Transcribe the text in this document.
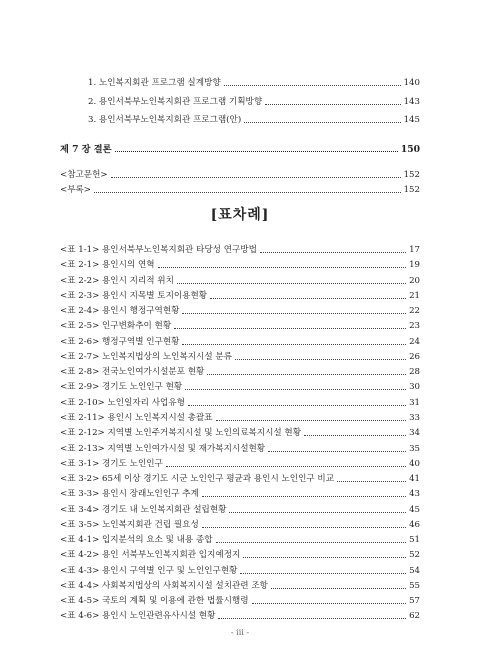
1. 노인복지회관 프로그램 실계방향	140
2. 용인서북부노인복지회관 프로그램 기획방향	143
3. 용인서북부노인복지회관 프로그램(안)	145
제 7 장 결론	150
<참고문헌>	152
<부록>	152
[표차례]
<표 1-1> 용인서북부노인복지회관 타당성 연구방법	17
<표 2-1> 용인시의 연혁	19
<표 2-2> 용인시 지리적 위치	20
<표 2-3> 용인시 지목별 토지이용현황	21
<표 2-4> 용인시 행정구역현황	22
<표 2-5> 인구변화추이 현황	23
<표 2-6> 행정구역별 인구현황	24
<표 2-7> 노인복지법상의 노인복지시설 분류	26
<표 2-8> 전국노인여가시설분포 현황	28
<표 2-9> 경기도 노인인구 현황	30
<표 2-10> 노인일자리 사업유형	31
<표 2-11> 용인시 노인복지시설 총괄표	33
<표 2-12> 지역별 노인주거복지시설 및 노인의료복지시설 현황	34
<표 2-13> 지역별 노인여가시설 및 재가복지시설현황	35
<표 3-1> 경기도 노인인구	40
<표 3-2> 65세 이상 경기도 시군 노인인구 평균과 용인시 노인인구 비교	41
<표 3-3> 용인시 장래노인인구 추계	43
<표 3-4> 경기도 내 노인복지회관 설립현황	45
<표 3-5> 노인복지회관 건립 필요성	46
<표 4-1> 입지분석의 요소 및 내용 종합	51
<표 4-2> 용인 서북부노인복지회관 입지예정지	52
<표 4-3> 용인시 구역별 인구 및 노인인구현황	54
<표 4-4> 사회복지법상의 사회복지시설 설치관련 조항	55
<표 4-5> 국토의 계획 및 이용에 관한 법률시행령	57
<표 4-6> 용인시 노인관련유사시설 현황	62
- iii -
